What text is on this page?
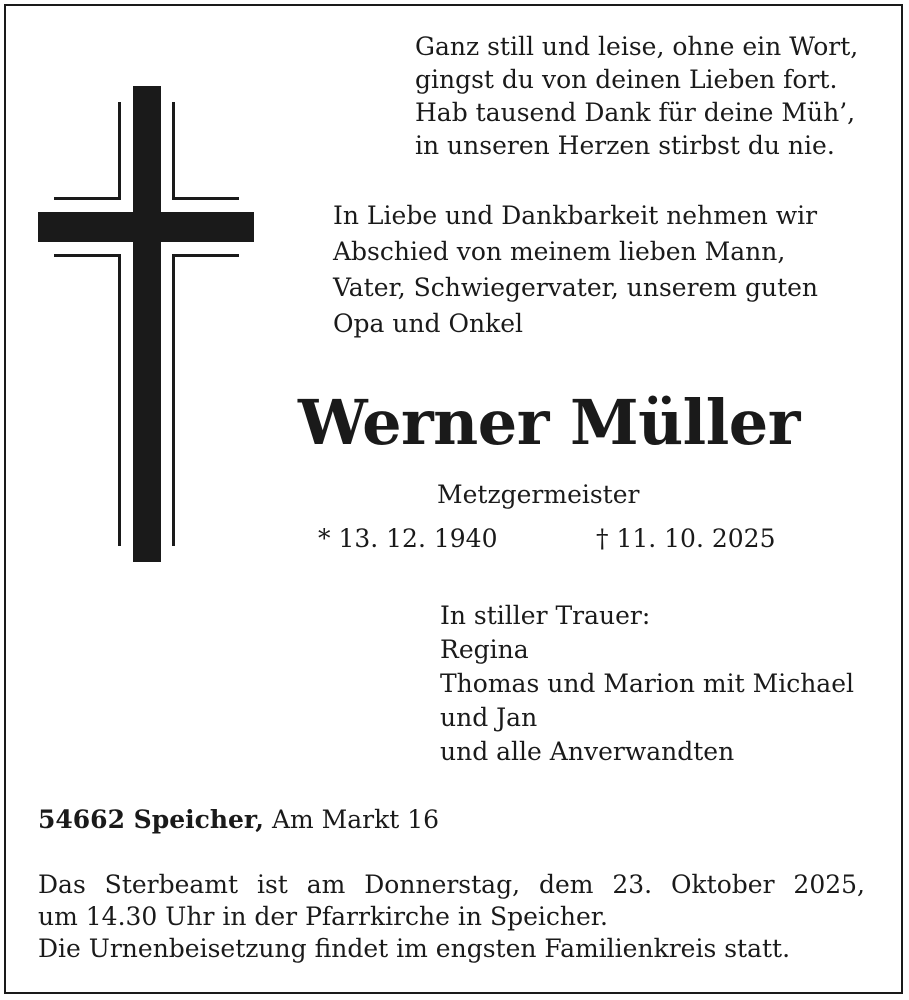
Ganz still und leise, ohne ein Wort,
gingst du von deinen Lieben fort.
Hab tausend Dank für deine Müh’,
in unseren Herzen stirbst du nie.
In Liebe und Dankbarkeit nehmen wir
Abschied von meinem lieben Mann,
Vater, Schwiegervater, unserem guten
Opa und Onkel
Werner Müller
Metzgermeister
* 13. 12. 1940	† 11. 10. 2025
In stiller Trauer:
Regina
Thomas und Marion mit Michael
und Jan
und alle Anverwandten
54662 Speicher, Am Markt 16
Das Sterbeamt ist am Donnerstag, dem 23. Oktober 2025,
um 14.30 Uhr in der Pfarrkirche in Speicher.
Die Urnenbeisetzung findet im engsten Familienkreis statt.
